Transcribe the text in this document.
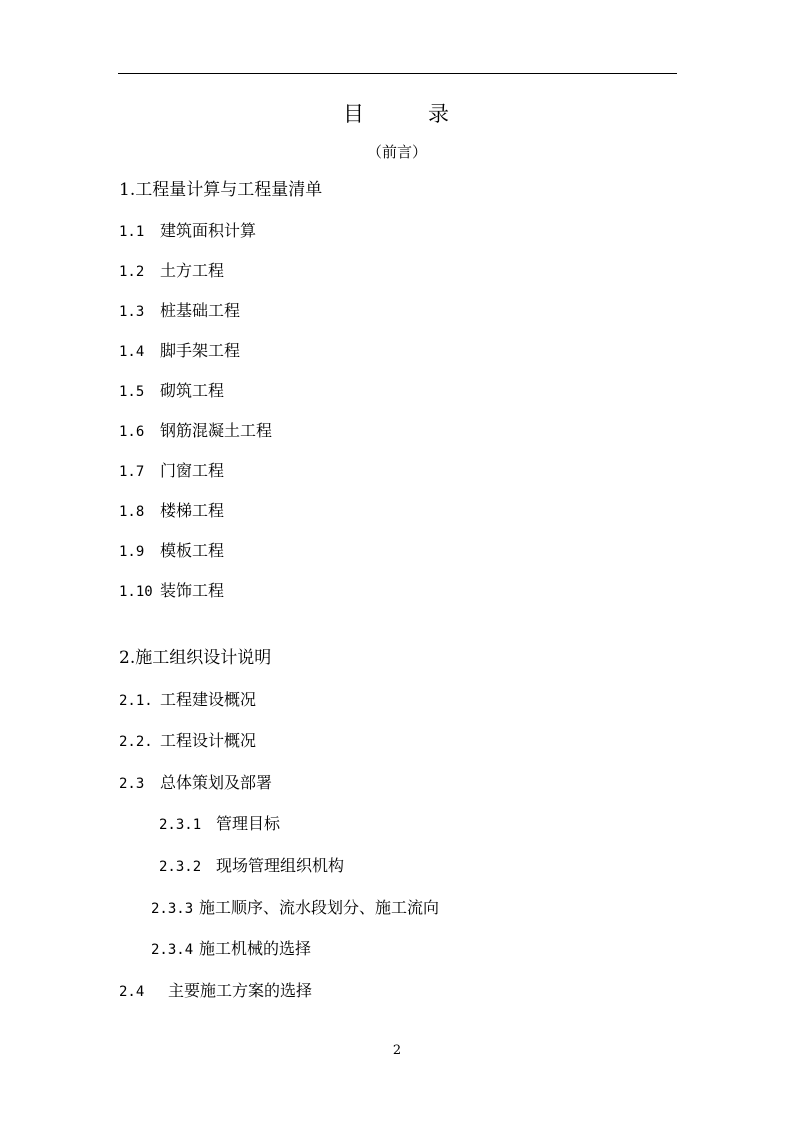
目	录
（前言）
1.工程量计算与工程量清单
1.1 建筑面积计算
1.2 土方工程
1.3 桩基础工程
1.4 脚手架工程
1.5 砌筑工程
1.6 钢筋混凝土工程
1.7 门窗工程
1.8 楼梯工程
1.9 模板工程
1.10 装饰工程
2.施工组织设计说明
2.1. 工程建设概况
2.2. 工程设计概况
2.3 总体策划及部署
2.3.1 管理目标
2.3.2 现场管理组织机构
2.3.3 施工顺序、流水段划分、施工流向
2.3.4 施工机械的选择
2.4 主要施工方案的选择
2
